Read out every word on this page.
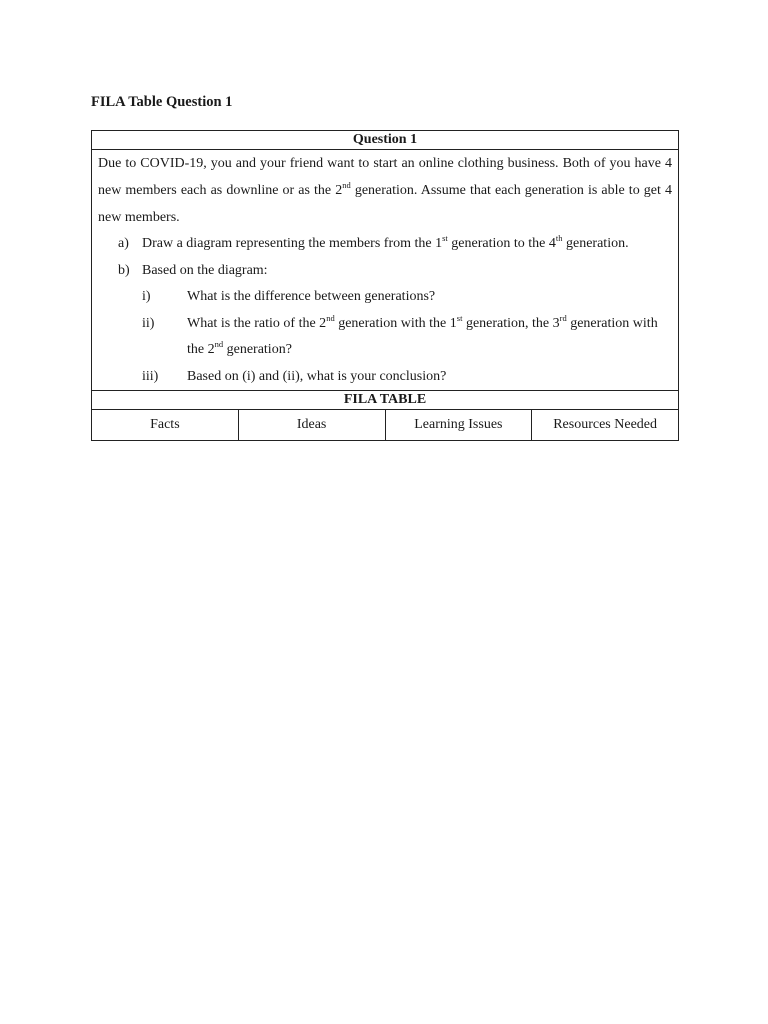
FILA Table Question 1
Question 1

Due to COVID-19, you and your friend want to start an online clothing business. Both of you have 4 new members each as downline or as the 2nd generation. Assume that each generation is able to get 4 new members.

a) Draw a diagram representing the members from the 1st generation to the 4th generation.
b) Based on the diagram:
i)	What is the difference between generations?
ii)	What is the ratio of the 2nd generation with the 1st generation, the 3rd generation with the 2nd generation?
iii)	Based on (i) and (ii), what is your conclusion?

FILA TABLE
Facts	Ideas	Learning Issues	Resources Needed
